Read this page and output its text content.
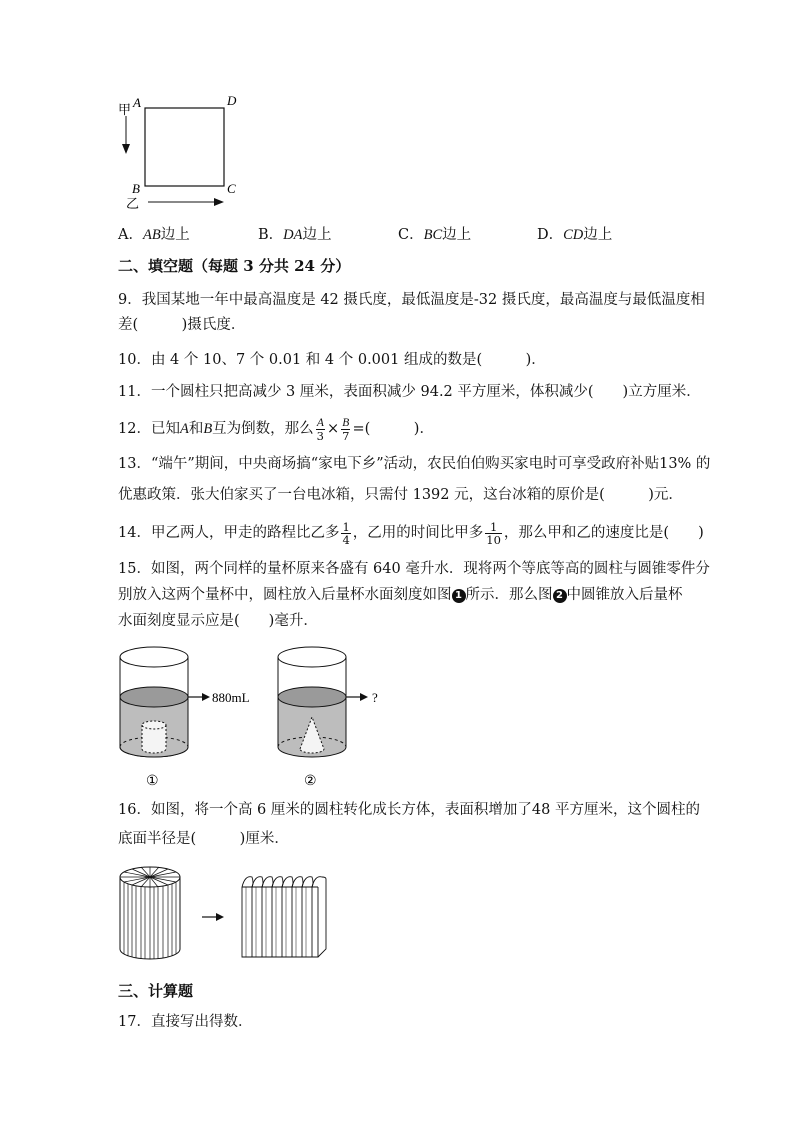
甲 A	D
B	C
乙
A．AB边上	B．DA边上	C．BC边上	D．CD边上
二、填空题（每题 3 分共 24 分）
9．我国某地一年中最高温度是 42 摄氏度，最低温度是-32 摄氏度，最高温度与最低温度相
差(　　　)摄氏度．
10．由 4 个 10、7 个 0.01 和 4 个 0.001 组成的数是(　　　)．
11．一个圆柱只把高减少 3 厘米，表面积减少 94.2 平方厘米，体积减少(　　)立方厘米．
12．已知A和B互为倒数，那么 $\frac{A}{3} \times \frac{B}{7}$ =(　　　)．
13．“端午”期间，中央商场搞“家电下乡”活动，农民伯伯购买家电时可享受政府补贴13% 的
优惠政策．张大伯家买了一台电冰箱，只需付 1392 元，这台冰箱的原价是(　　　)元．
14．甲乙两人，甲走的路程比乙多 $\frac{1}{4}$ ，乙用的时间比甲多 $\frac{1}{10}$ ，那么甲和乙的速度比是(　　)
15．如图，两个同样的量杯原来各盛有 640 毫升水．现将两个等底等高的圆柱与圆锥零件分
别放入这两个量杯中，圆柱放入后量杯水面刻度如图 1 所示．那么图 2 中圆锥放入后量杯
水面刻度显示应是(　　)毫升．
880mL
①
?
②
16．如图，将一个高 6 厘米的圆柱转化成长方体，表面积增加了48 平方厘米，这个圆柱的
底面半径是(　　　)厘米．
三、计算题
17．直接写出得数．
